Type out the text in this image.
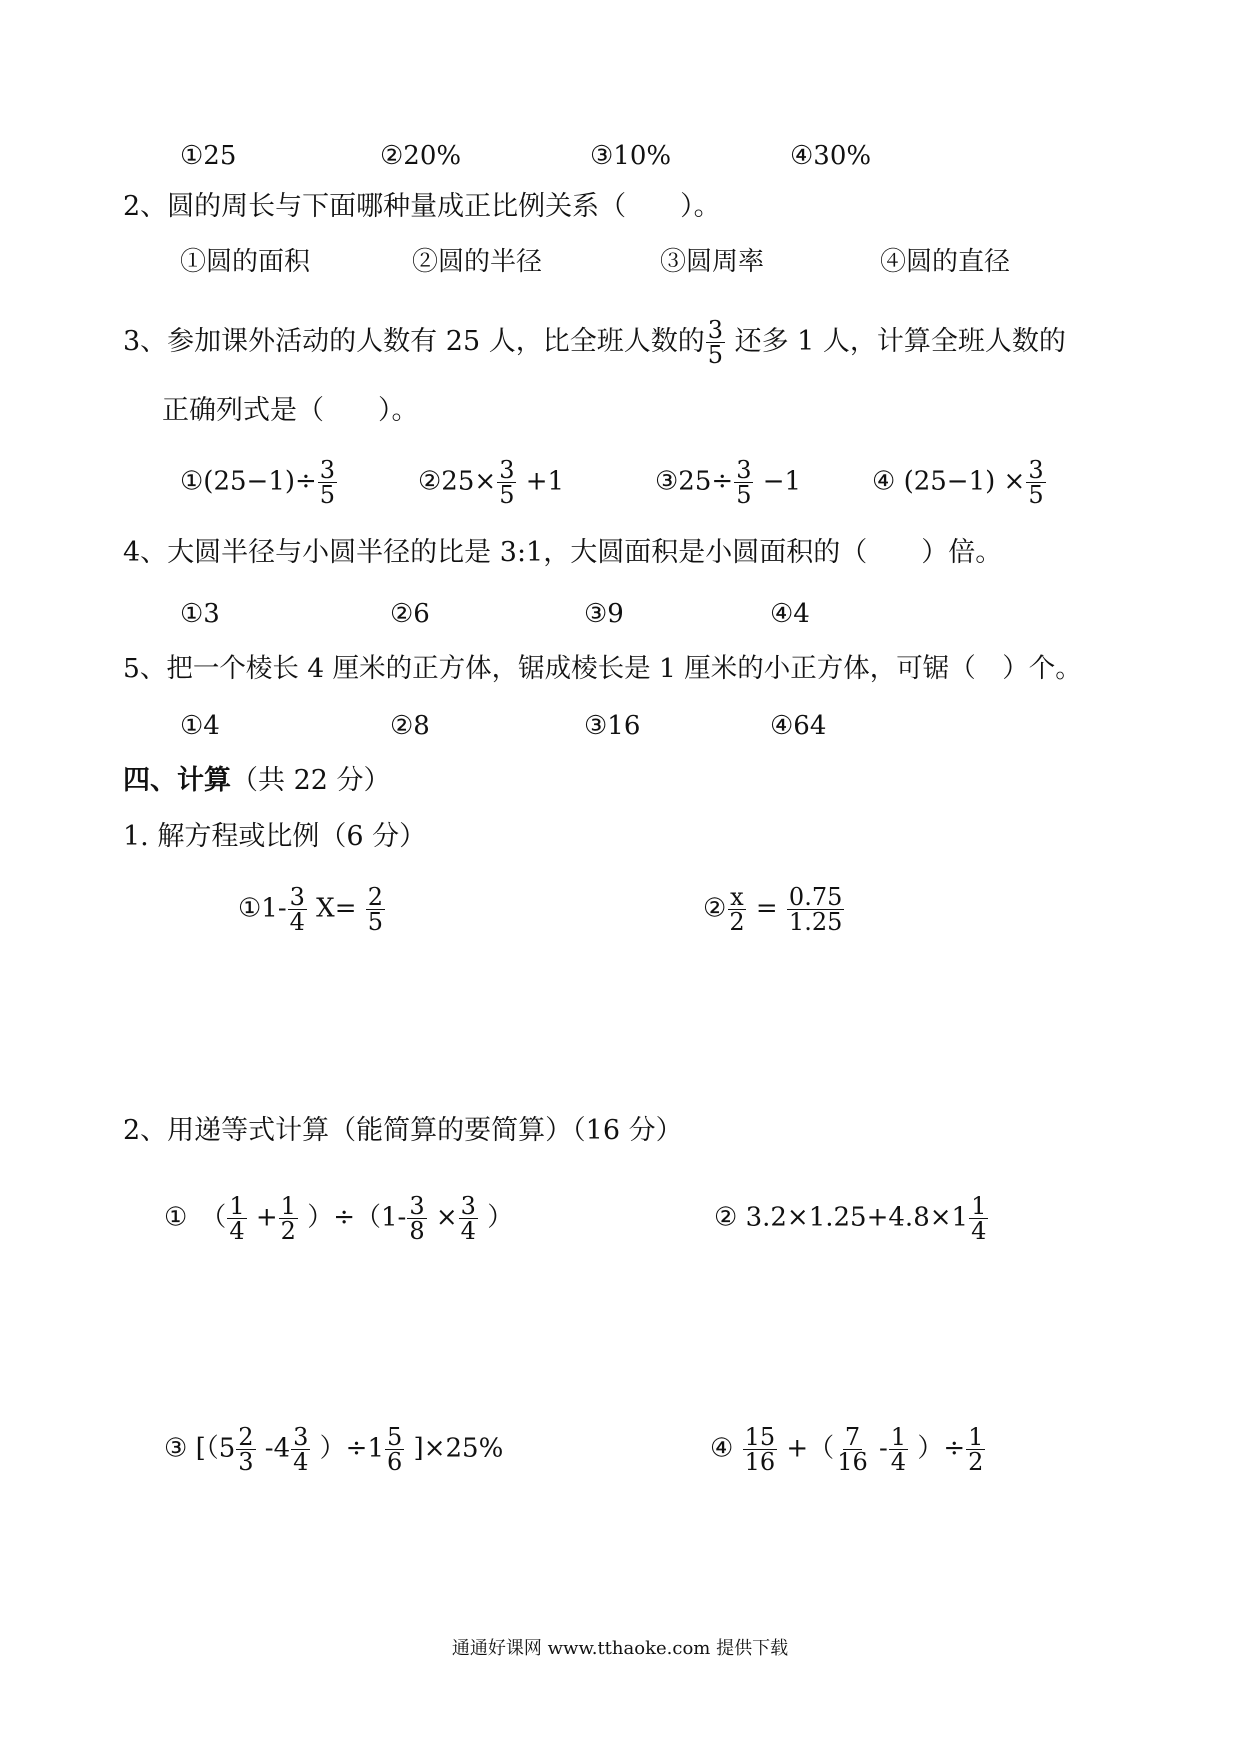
①25	②20%	③10%	④30%
2、圆的周长与下面哪种量成正比例关系（　　）。
①圆的面积	②圆的半径	③圆周率	④圆的直径
3、参加课外活动的人数有 25 人，比全班人数的 $\frac{3}{5}$ 还多 1 人，计算全班人数的
正确列式是（　　）。
①(25−1)÷ $\frac{3}{5}$	②25× $\frac{3}{5} +1$	③25÷ $\frac{3}{5} -1$	④ $(25-1) \times \frac{3}{5}$
4、大圆半径与小圆半径的比是 3:1，大圆面积是小圆面积的（　　）倍。
①3	②6	③9	④4
5、把一个棱长 4 厘米的正方体，锯成棱长是 1 厘米的小正方体，可锯（　）个。
①4	②8	③16	④64
四、计算（共 22 分）
1. 解方程或比例（6 分）
①1- $\frac{3}{4} X= \frac{2}{5}$	② $\frac{x}{2} = \frac{0.75}{1.25}$
2、用递等式计算（能简算的要简算）（16 分）
①　（ $\frac{1}{4} + \frac{1}{2} )\div(1- \frac{3}{8} \times \frac{3}{4}$ ）	② $3.2\times 1.25+4.8\times 1 \frac{1}{4}$
③ $[(5 \frac{2}{3} -4 \frac{3}{4} )\div 1 \frac{5}{6} ]\times 25\%$	④ $\frac{15}{16}$ +（ $\frac{7}{16} - \frac{1}{4}$ ）÷ $\frac{1}{2}$
通通好课网 www.tthaoke.com 提供下载
